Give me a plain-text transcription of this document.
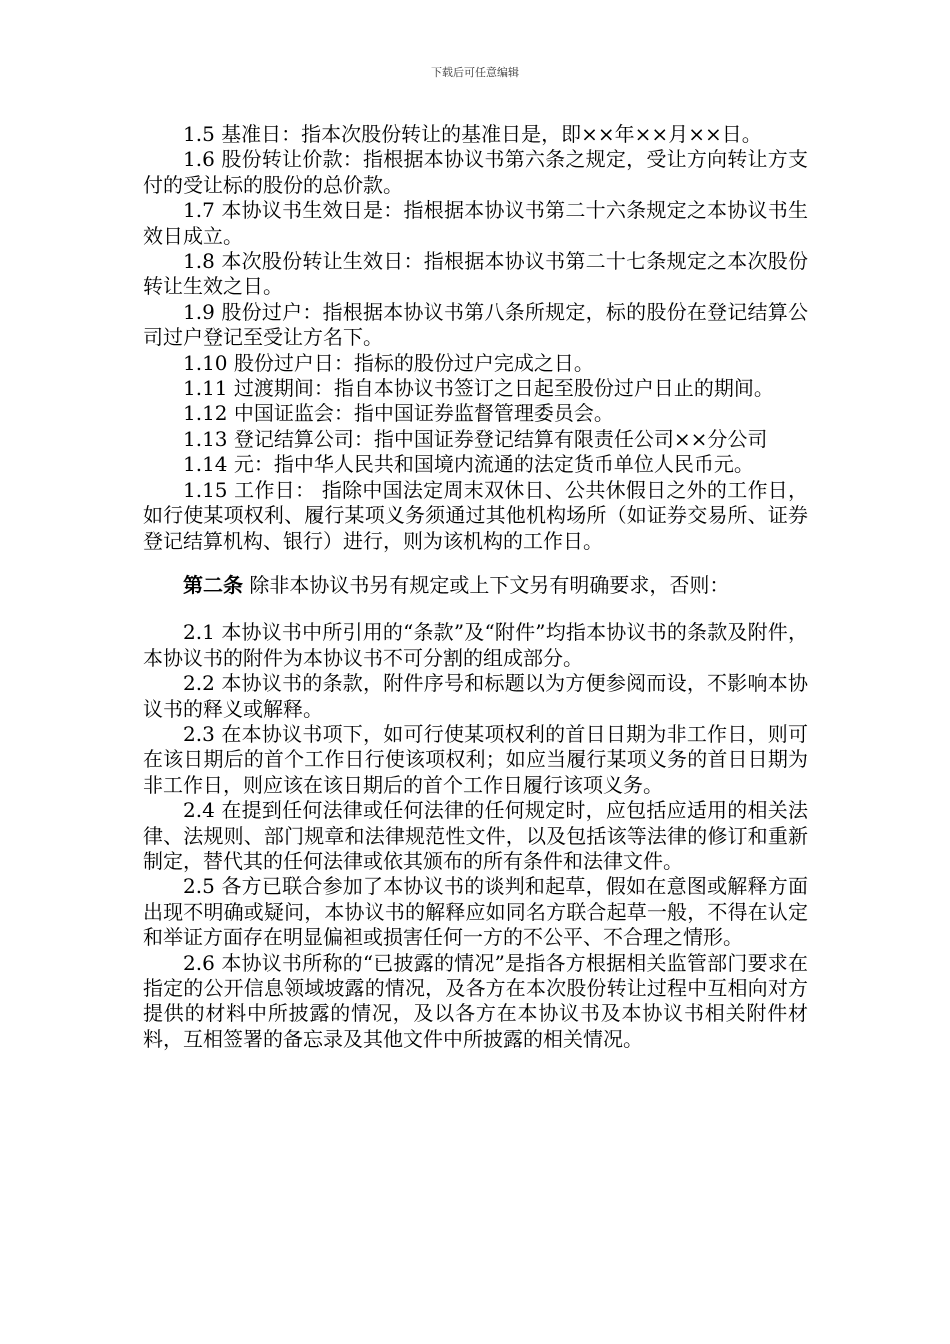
下载后可任意编辑

1.5 基准日：指本次股份转让的基准日是，即××年××月××日。

1.6 股份转让价款：指根据本协议书第六条之规定，受让方向转让方支付的受让标的股份的总价款。

1.7 本协议书生效日是：指根据本协议书第二十六条规定之本协议书生效日成立。

1.8 本次股份转让生效日：指根据本协议书第二十七条规定之本次股份转让生效之日。

1.9 股份过户：指根据本协议书第八条所规定，标的股份在登记结算公司过户登记至受让方名下。

1.10 股份过户日：指标的股份过户完成之日。

1.11 过渡期间：指自本协议书签订之日起至股份过户日止的期间。

1.12 中国证监会：指中国证券监督管理委员会。

1.13 登记结算公司：指中国证券登记结算有限责任公司××分公司

1.14 元：指中华人民共和国境内流通的法定货币单位人民币元。

1.15 工作日： 指除中国法定周末双休日、公共休假日之外的工作日，如行使某项权利、履行某项义务须通过其他机构场所（如证券交易所、证券登记结算机构、银行）进行，则为该机构的工作日。

第二条 除非本协议书另有规定或上下文另有明确要求，否则：

2.1 本协议书中所引用的“条款”及“附件”均指本协议书的条款及附件，本协议书的附件为本协议书不可分割的组成部分。

2.2 本协议书的条款，附件序号和标题以为方便参阅而设，不影响本协议书的释义或解释。

2.3 在本协议书项下，如可行使某项权利的首日日期为非工作日，则可在该日期后的首个工作日行使该项权利；如应当履行某项义务的首日日期为非工作日，则应该在该日期后的首个工作日履行该项义务。

2.4 在提到任何法律或任何法律的任何规定时，应包括应适用的相关法律、法规则、部门规章和法律规范性文件，以及包括该等法律的修订和重新制定，替代其的任何法律或依其颁布的所有条件和法律文件。

2.5 各方已联合参加了本协议书的谈判和起草，假如在意图或解释方面出现不明确或疑问，本协议书的解释应如同名方联合起草一般，不得在认定和举证方面存在明显偏袒或损害任何一方的不公平、不合理之情形。

2.6 本协议书所称的“已披露的情况”是指各方根据相关监管部门要求在指定的公开信息领域坡露的情况，及各方在本次股份转让过程中互相向对方提供的材料中所披露的情况，及以各方在本协议书及本协议书相关附件材料，互相签署的备忘录及其他文件中所披露的相关情况。
